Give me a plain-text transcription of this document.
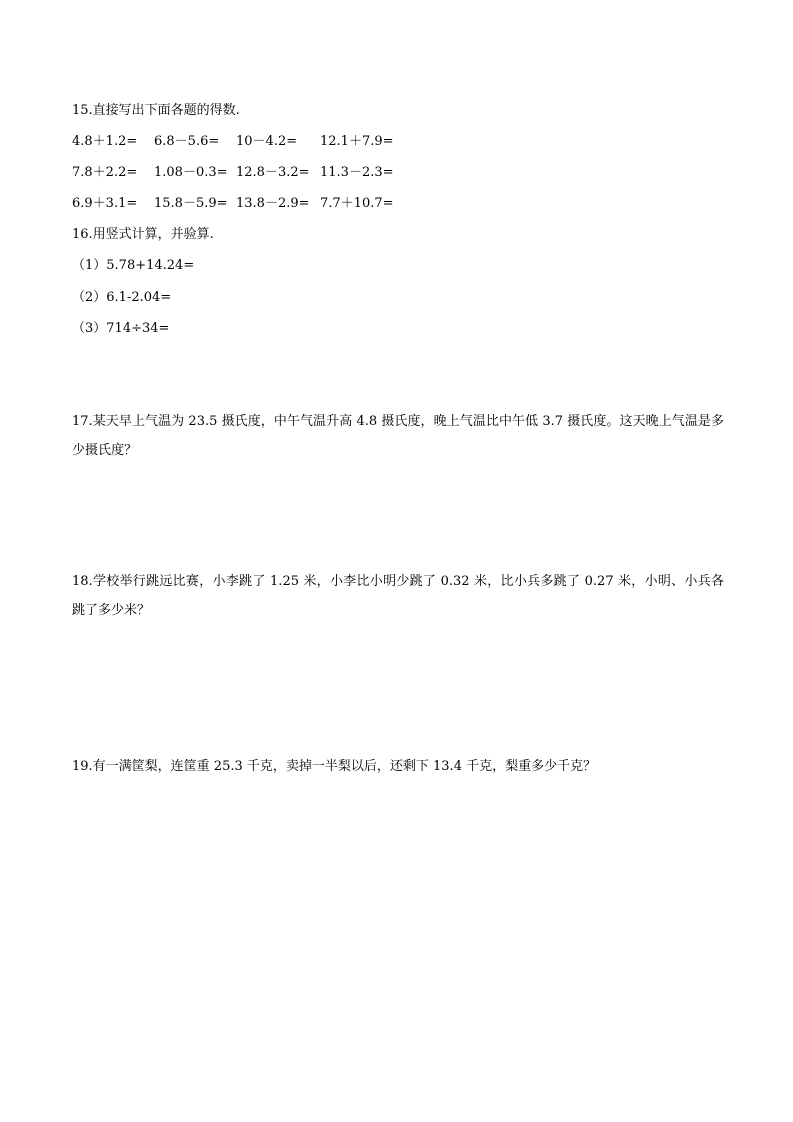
15.直接写出下面各题的得数.
4.8＋1.2= 6.8－5.6= 10－4.2= 12.1＋7.9=
7.8＋2.2= 1.08－0.3= 12.8－3.2= 11.3－2.3=
6.9＋3.1= 15.8－5.9= 13.8－2.9= 7.7＋10.7=
16.用竖式计算，并验算.
（1）5.78+14.24=
（2）6.1-2.04=
（3）714÷34=
17.某天早上气温为 23.5 摄氏度，中午气温升高 4.8 摄氏度，晚上气温比中午低 3.7 摄氏度。这天晚上气温是多少摄氏度？
18.学校举行跳远比赛，小李跳了 1.25 米，小李比小明少跳了 0.32 米，比小兵多跳了 0.27 米，小明、小兵各跳了多少米？
19.有一满筐梨，连筐重 25.3 千克，卖掉一半梨以后，还剩下 13.4 千克，梨重多少千克？
